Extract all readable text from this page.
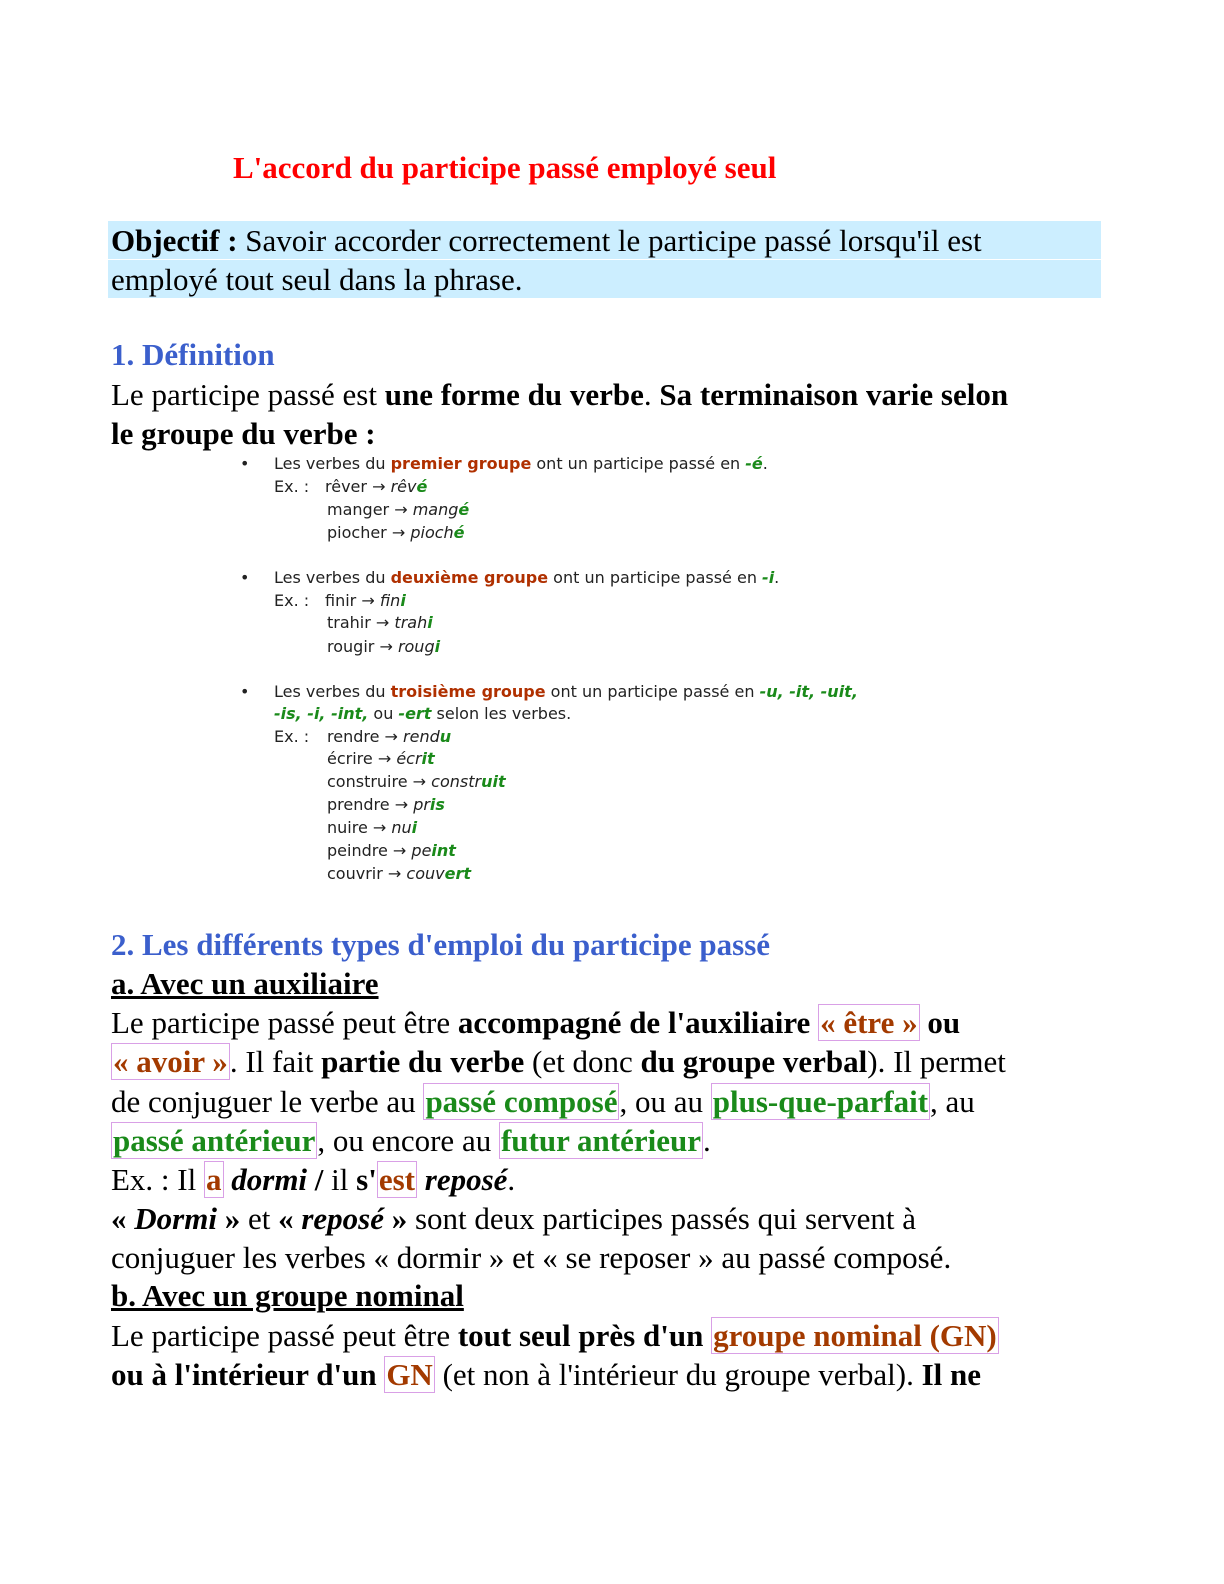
L'accord du participe passé employé seul
Objectif : Savoir accorder correctement le participe passé lorsqu'il est
employé tout seul dans la phrase.
1. Définition
Le participe passé est une forme du verbe. Sa terminaison varie selon
le groupe du verbe :
• Les verbes du premier groupe ont un participe passé en -é.
Ex. : rêver → rêvé
manger → mangé
piocher → pioché
• Les verbes du deuxième groupe ont un participe passé en -i.
Ex. : finir → fini
trahir → trahi
rougir → rougi
• Les verbes du troisième groupe ont un participe passé en -u, -it, -uit,
-is, -i, -int, ou -ert selon les verbes.
Ex. : rendre → rendu
écrire → écrit
construire → construit
prendre → pris
nuire → nui
peindre → peint
couvrir → couvert
2. Les différents types d'emploi du participe passé
a. Avec un auxiliaire
Le participe passé peut être accompagné de l'auxiliaire « être » ou
« avoir ». Il fait partie du verbe (et donc du groupe verbal). Il permet
de conjuguer le verbe au passé composé, ou au plus-que-parfait, au
passé antérieur, ou encore au futur antérieur.
Ex. : Il a dormi / il s'est reposé.
« Dormi » et « reposé » sont deux participes passés qui servent à
conjuguer les verbes « dormir » et « se reposer » au passé composé.
b. Avec un groupe nominal
Le participe passé peut être tout seul près d'un groupe nominal (GN)
ou à l'intérieur d'un GN (et non à l'intérieur du groupe verbal). Il ne
